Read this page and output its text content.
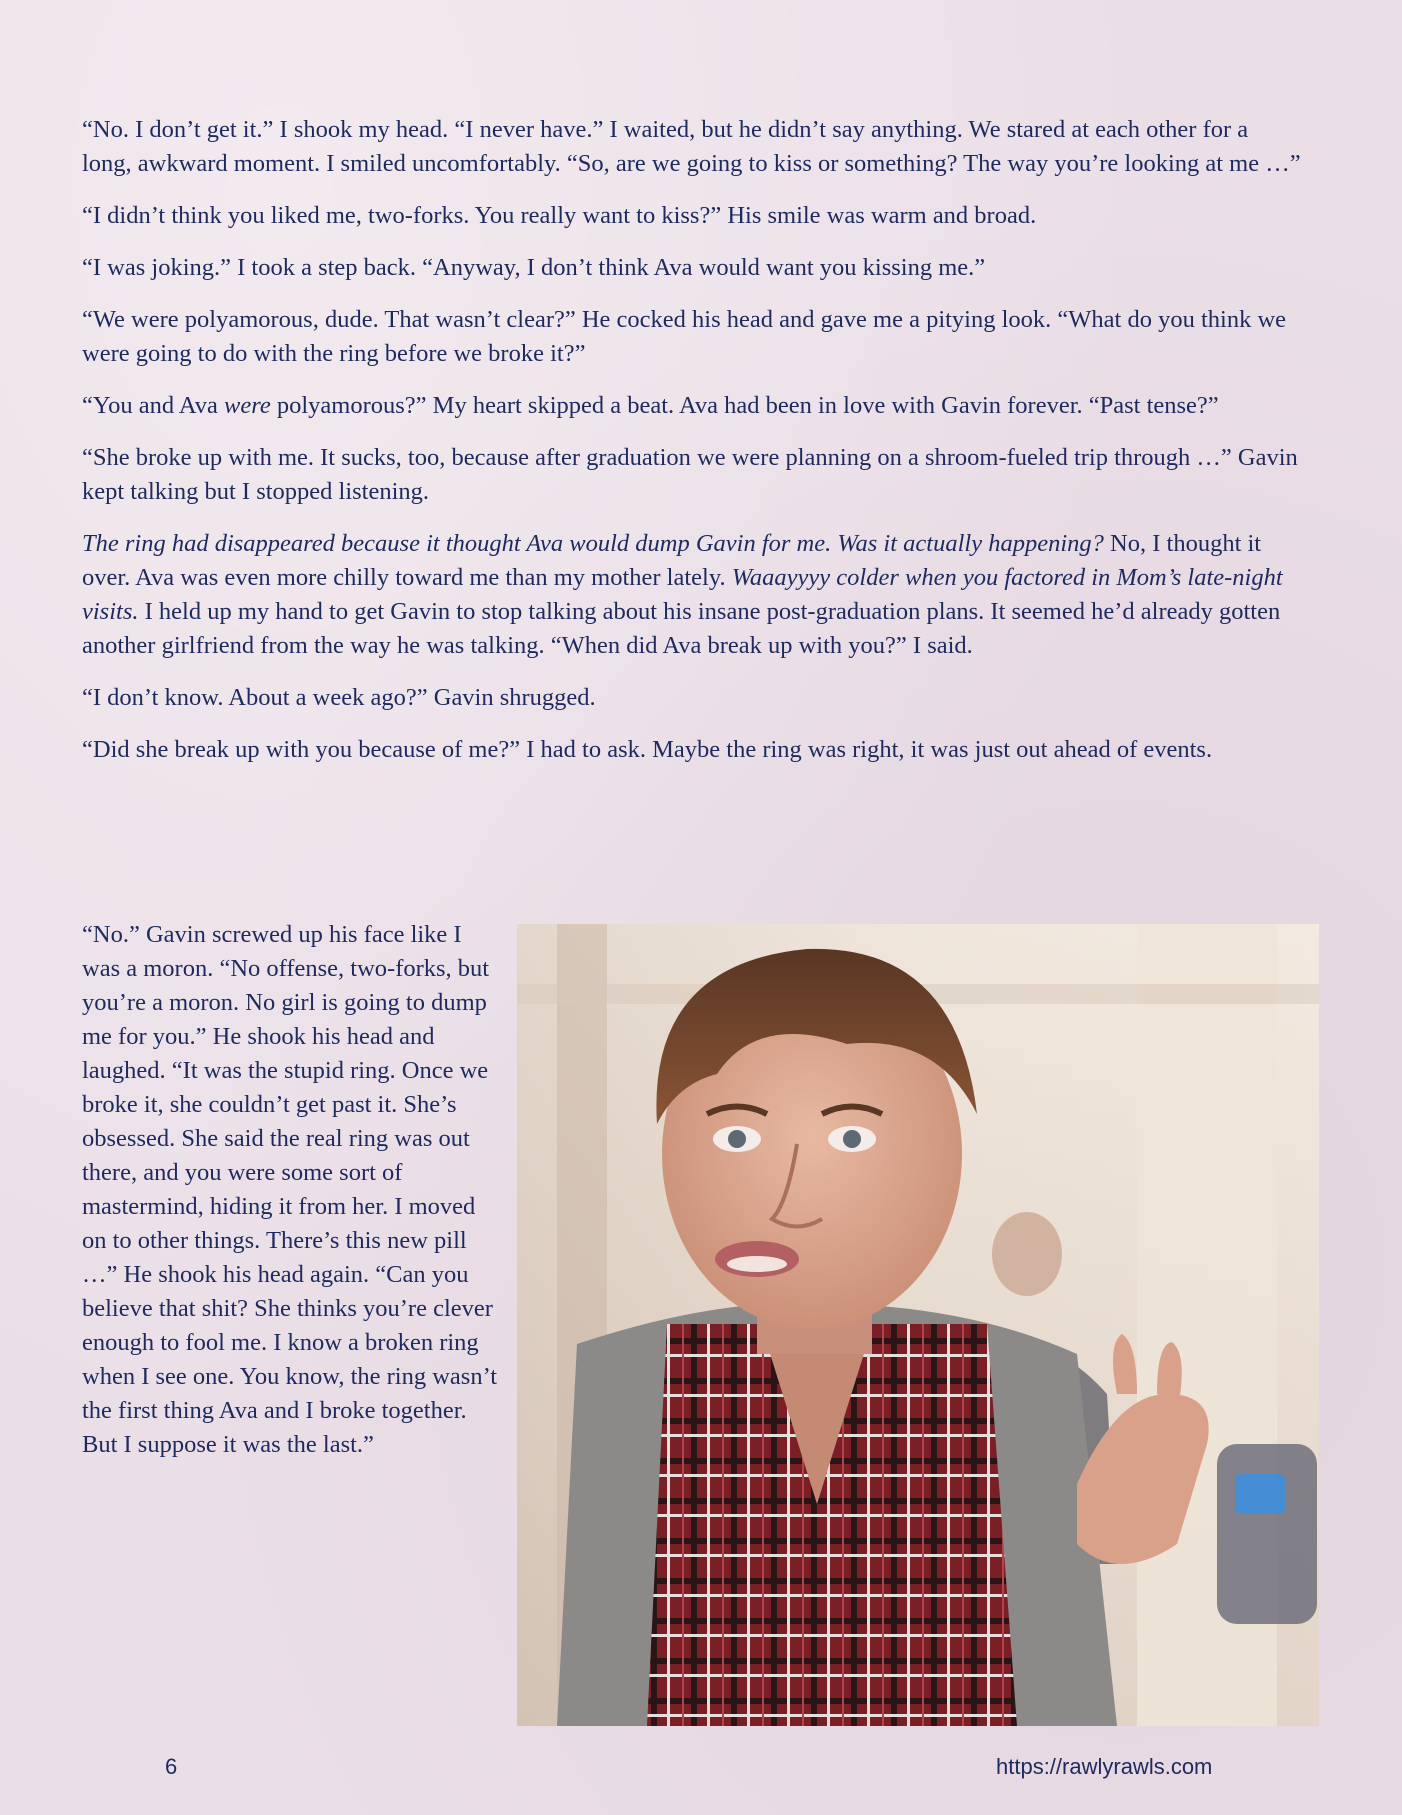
“No. I don’t get it.” I shook my head. “I never have.” I waited, but he didn’t say anything. We stared at each other for a long, awkward moment. I smiled uncomfortably. “So, are we going to kiss or something? The way you’re looking at me …”

“I didn’t think you liked me, two-forks. You really want to kiss?” His smile was warm and broad.

“I was joking.” I took a step back. “Anyway, I don’t think Ava would want you kissing me.”

“We were polyamorous, dude. That wasn’t clear?” He cocked his head and gave me a pitying look. “What do you think we were going to do with the ring before we broke it?”

“You and Ava were polyamorous?” My heart skipped a beat. Ava had been in love with Gavin forever. “Past tense?”

“She broke up with me. It sucks, too, because after graduation we were planning on a shroom-fueled trip through …” Gavin kept talking but I stopped listening.

The ring had disappeared because it thought Ava would dump Gavin for me. Was it actually happening? No, I thought it over. Ava was even more chilly toward me than my mother lately. Waaayyyy colder when you factored in Mom’s late-night visits. I held up my hand to get Gavin to stop talking about his insane post-graduation plans. It seemed he’d already gotten another girlfriend from the way he was talking. “When did Ava break up with you?” I said.

“I don’t know. About a week ago?” Gavin shrugged.

“Did she break up with you because of me?” I had to ask. Maybe the ring was right, it was just out ahead of events.

“No.” Gavin screwed up his face like I was a moron. “No offense, two-forks, but you’re a moron. No girl is going to dump me for you.” He shook his head and laughed. “It was the stupid ring. Once we broke it, she couldn’t get past it. She’s obsessed. She said the real ring was out there, and you were some sort of mastermind, hiding it from her. I moved on to other things. There’s this new pill …” He shook his head again. “Can you believe that shit? She thinks you’re clever enough to fool me. I know a broken ring when I see one. You know, the ring wasn’t the first thing Ava and I broke together. But I suppose it was the last.”

6	https://rawlyrawls.com
